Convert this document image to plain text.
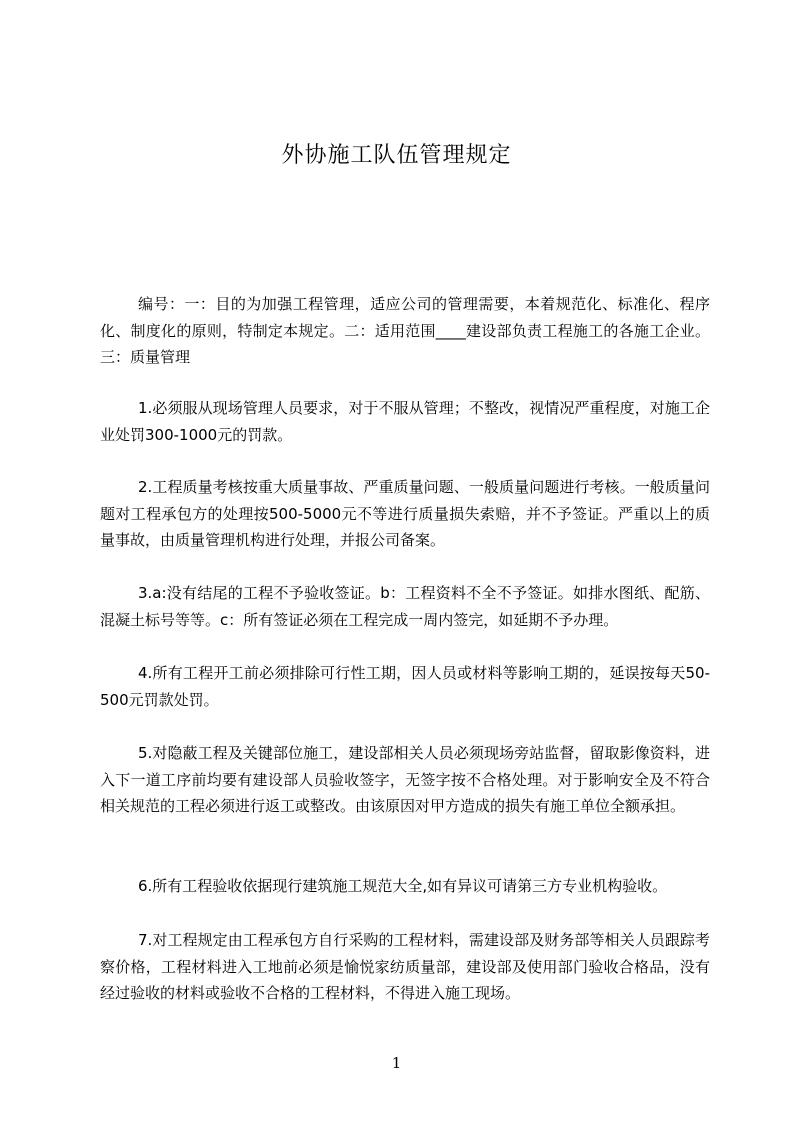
外协施工队伍管理规定
编号：一：目的为加强工程管理，适应公司的管理需要，本着规范化、标准化、程序化、制度化的原则，特制定本规定。二：适用范围____建设部负责工程施工的各施工企业。三：质量管理
1.必须服从现场管理人员要求，对于不服从管理；不整改，视情况严重程度，对施工企业处罚300-1000元的罚款。
2.工程质量考核按重大质量事故、严重质量问题、一般质量问题进行考核。一般质量问题对工程承包方的处理按500-5000元不等进行质量损失索赔，并不予签证。严重以上的质量事故，由质量管理机构进行处理，并报公司备案。
3.a:没有结尾的工程不予验收签证。b：工程资料不全不予签证。如排水图纸、配筋、混凝土标号等等。c：所有签证必须在工程完成一周内签完，如延期不予办理。
4.所有工程开工前必须排除可行性工期，因人员或材料等影响工期的，延误按每天50-500元罚款处罚。
5.对隐蔽工程及关键部位施工，建设部相关人员必须现场旁站监督，留取影像资料，进入下一道工序前均要有建设部人员验收签字，无签字按不合格处理。对于影响安全及不符合相关规范的工程必须进行返工或整改。由该原因对甲方造成的损失有施工单位全额承担。
6.所有工程验收依据现行建筑施工规范大全,如有异议可请第三方专业机构验收。
7.对工程规定由工程承包方自行采购的工程材料，需建设部及财务部等相关人员跟踪考察价格，工程材料进入工地前必须是愉悦家纺质量部，建设部及使用部门验收合格品，没有经过验收的材料或验收不合格的工程材料，不得进入施工现场。
1
